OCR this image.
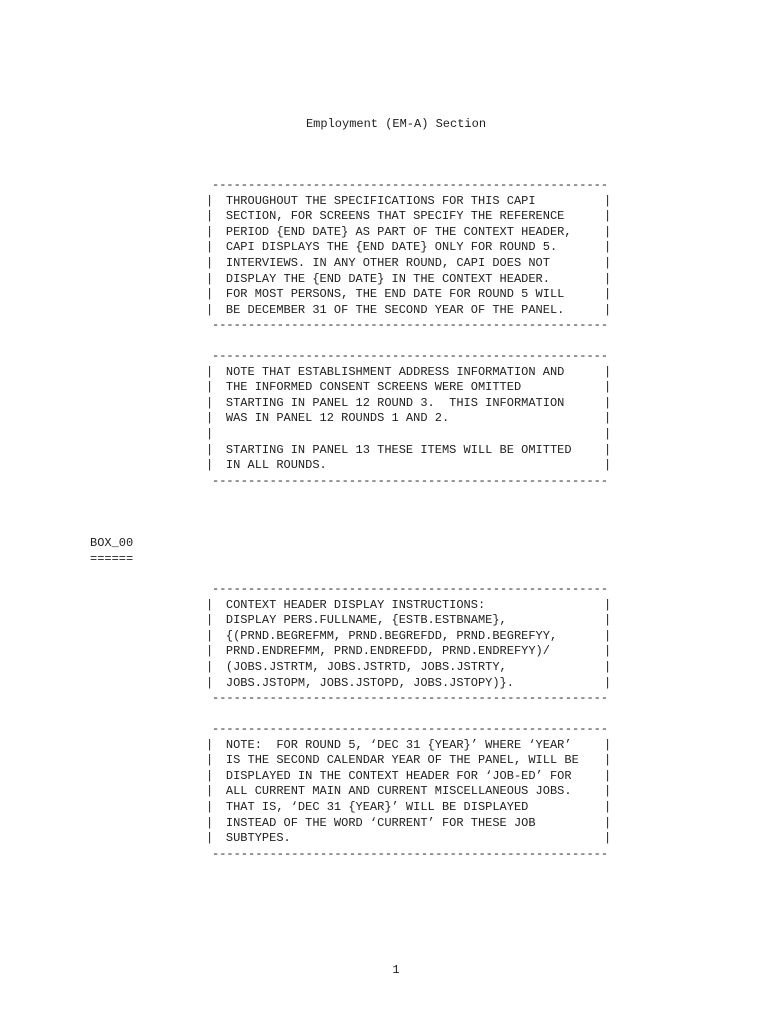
Employment (EM-A) Section
-----
|	THROUGHOUT THE SPECIFICATIONS FOR THIS CAPI	|
|	SECTION, FOR SCREENS THAT SPECIFY THE REFERENCE	|
|	PERIOD {END DATE} AS PART OF THE CONTEXT HEADER,	|
|	CAPI DISPLAYS THE {END DATE} ONLY FOR ROUND 5.	|
|	INTERVIEWS. IN ANY OTHER ROUND, CAPI DOES NOT	|
|	DISPLAY THE {END DATE} IN THE CONTEXT HEADER.	|
|	FOR MOST PERSONS, THE END DATE FOR ROUND 5 WILL	|
|	BE DECEMBER 31 OF THE SECOND YEAR OF THE PANEL.	|
-----
-----
|	NOTE THAT ESTABLISHMENT ADDRESS INFORMATION AND	|
|	THE INFORMED CONSENT SCREENS WERE OMITTED	|
|	STARTING IN PANEL 12 ROUND 3.  THIS INFORMATION	|
|	WAS IN PANEL 12 ROUNDS 1 AND 2.	|
|	|
|	STARTING IN PANEL 13 THESE ITEMS WILL BE OMITTED	|
|	IN ALL ROUNDS.	|
-----
BOX_00
======
-----
|	CONTEXT HEADER DISPLAY INSTRUCTIONS:	|
|	DISPLAY PERS.FULLNAME, {ESTB.ESTBNAME},	|
|	{(PRND.BEGREFMM, PRND.BEGREFDD, PRND.BEGREFYY,	|
|	PRND.ENDREFMM, PRND.ENDREFDD, PRND.ENDREFYY)/	|
|	(JOBS.JSTRTM, JOBS.JSTRTD, JOBS.JSTRTY,	|
|	JOBS.JSTOPM, JOBS.JSTOPD, JOBS.JSTOPY)}.	|
-----
-----
|	NOTE:  FOR ROUND 5, ‘DEC 31 {YEAR}’ WHERE ‘YEAR’	|
|	IS THE SECOND CALENDAR YEAR OF THE PANEL, WILL BE	|
|	DISPLAYED IN THE CONTEXT HEADER FOR ‘JOB-ED’ FOR	|
|	ALL CURRENT MAIN AND CURRENT MISCELLANEOUS JOBS.	|
|	THAT IS, ‘DEC 31 {YEAR}’ WILL BE DISPLAYED	|
|	INSTEAD OF THE WORD ‘CURRENT’ FOR THESE JOB	|
|	SUBTYPES.	|
-----
1
